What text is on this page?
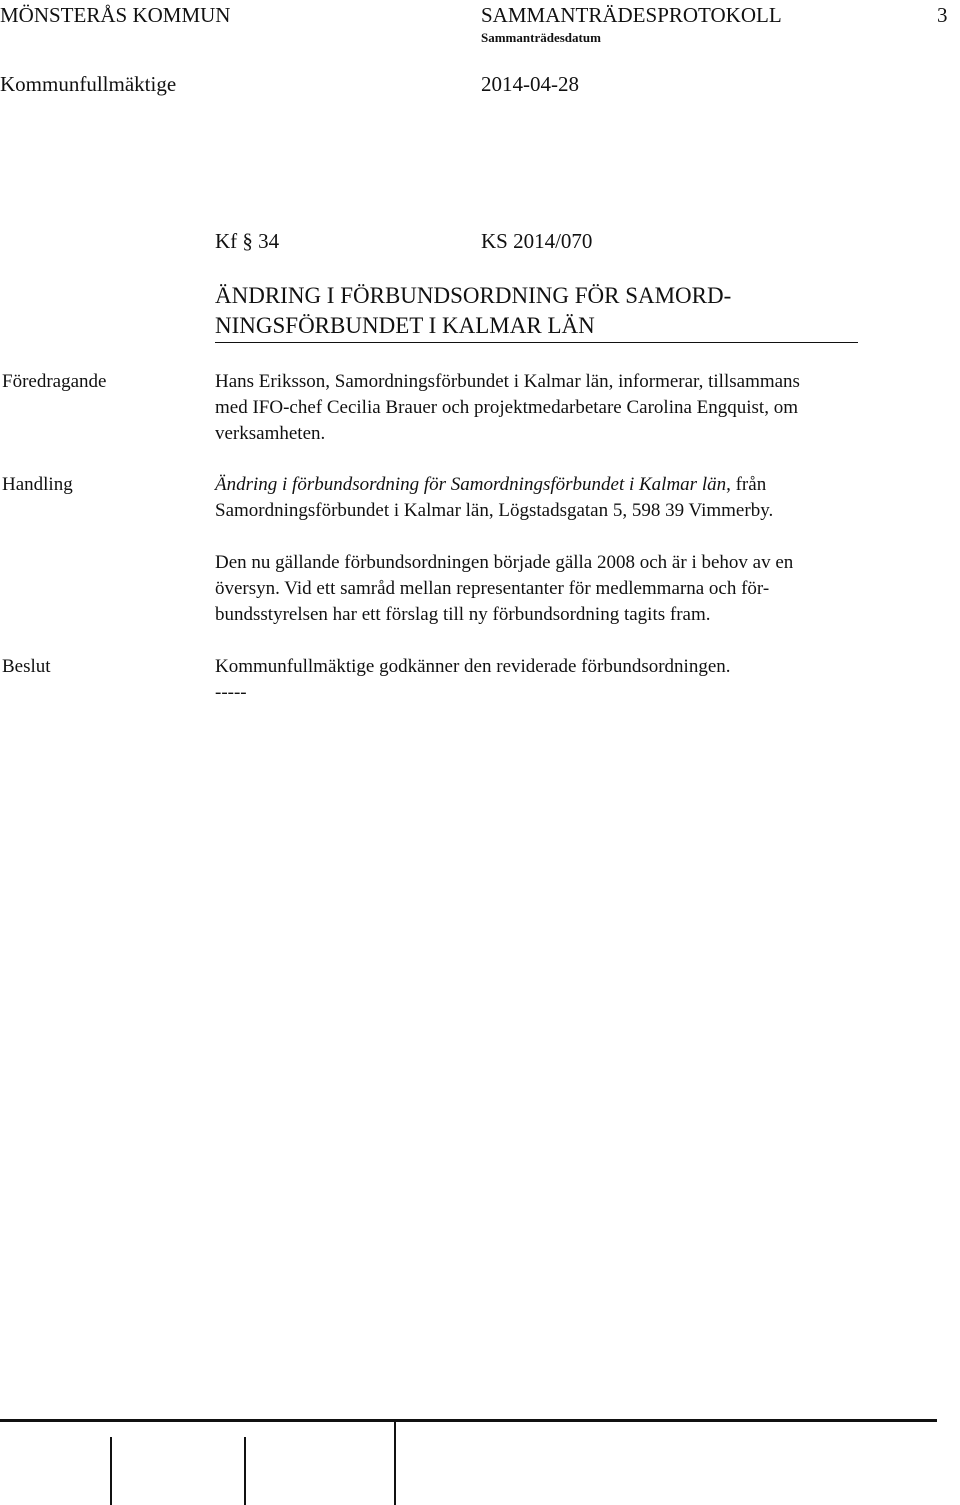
MÖNSTERÅS KOMMUN	SAMMANTRÄDESPROTOKOLL	3
Sammanträdesdatum
Kommunfullmäktige	2014-04-28
Kf § 34	KS 2014/070
ÄNDRING I FÖRBUNDSORDNING FÖR SAMORD-
NINGSFÖRBUNDET I KALMAR LÄN
Föredragande	Hans Eriksson, Samordningsförbundet i Kalmar län, informerar, tillsammans
med IFO-chef Cecilia Brauer och projektmedarbetare Carolina Engquist, om
verksamheten.
Handling	Ändring i förbundsordning för Samordningsförbundet i Kalmar län, från
Samordningsförbundet i Kalmar län, Lögstadsgatan 5, 598 39 Vimmerby.
Den nu gällande förbundsordningen började gälla 2008 och är i behov av en
översyn. Vid ett samråd mellan representanter för medlemmarna och för-
bundsstyrelsen har ett förslag till ny förbundsordning tagits fram.
Beslut	Kommunfullmäktige godkänner den reviderade förbundsordningen.
-----
